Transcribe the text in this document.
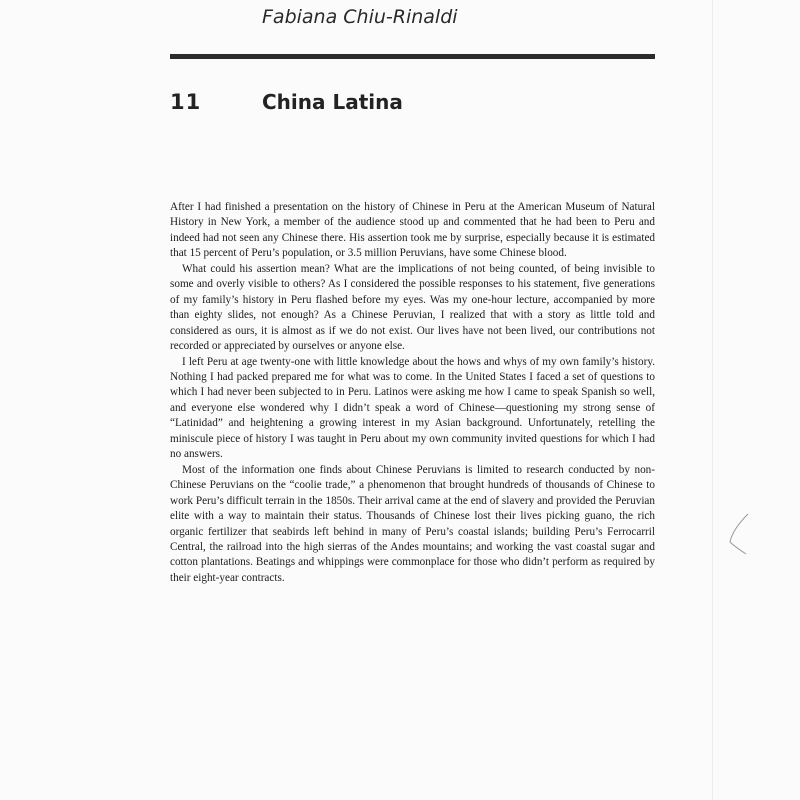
Fabiana Chiu-Rinaldi
11	China Latina

After I had finished a presentation on the history of Chinese in Peru at the American Museum of Natural History in New York, a member of the audience stood up and commented that he had been to Peru and indeed had not seen any Chinese there. His assertion took me by surprise, especially because it is estimated that 15 percent of Peru’s population, or 3.5 million Peruvians, have some Chinese blood.

What could his assertion mean? What are the implications of not being counted, of being invisible to some and overly visible to others? As I considered the possible responses to his statement, five generations of my family’s history in Peru flashed before my eyes. Was my one-hour lecture, accompanied by more than eighty slides, not enough? As a Chinese Peruvian, I realized that with a story as little told and considered as ours, it is almost as if we do not exist. Our lives have not been lived, our contributions not recorded or appreciated by ourselves or anyone else.

I left Peru at age twenty-one with little knowledge about the hows and whys of my own family’s history. Nothing I had packed prepared me for what was to come. In the United States I faced a set of questions to which I had never been subjected to in Peru. Latinos were asking me how I came to speak Spanish so well, and everyone else wondered why I didn’t speak a word of Chinese—questioning my strong sense of “Latinidad” and heightening a growing interest in my Asian background. Unfortunately, retelling the miniscule piece of history I was taught in Peru about my own community invited questions for which I had no answers.

Most of the information one finds about Chinese Peruvians is limited to research conducted by non-Chinese Peruvians on the “coolie trade,” a phenomenon that brought hundreds of thousands of Chinese to work Peru’s difficult terrain in the 1850s. Their arrival came at the end of slavery and provided the Peruvian elite with a way to maintain their status. Thousands of Chinese lost their lives picking guano, the rich organic fertilizer that seabirds left behind in many of Peru’s coastal islands; building Peru’s Ferrocarril Central, the railroad into the high sierras of the Andes mountains; and working the vast coastal sugar and cotton plantations. Beatings and whippings were commonplace for those who didn’t perform as required by their eight-year contracts.
